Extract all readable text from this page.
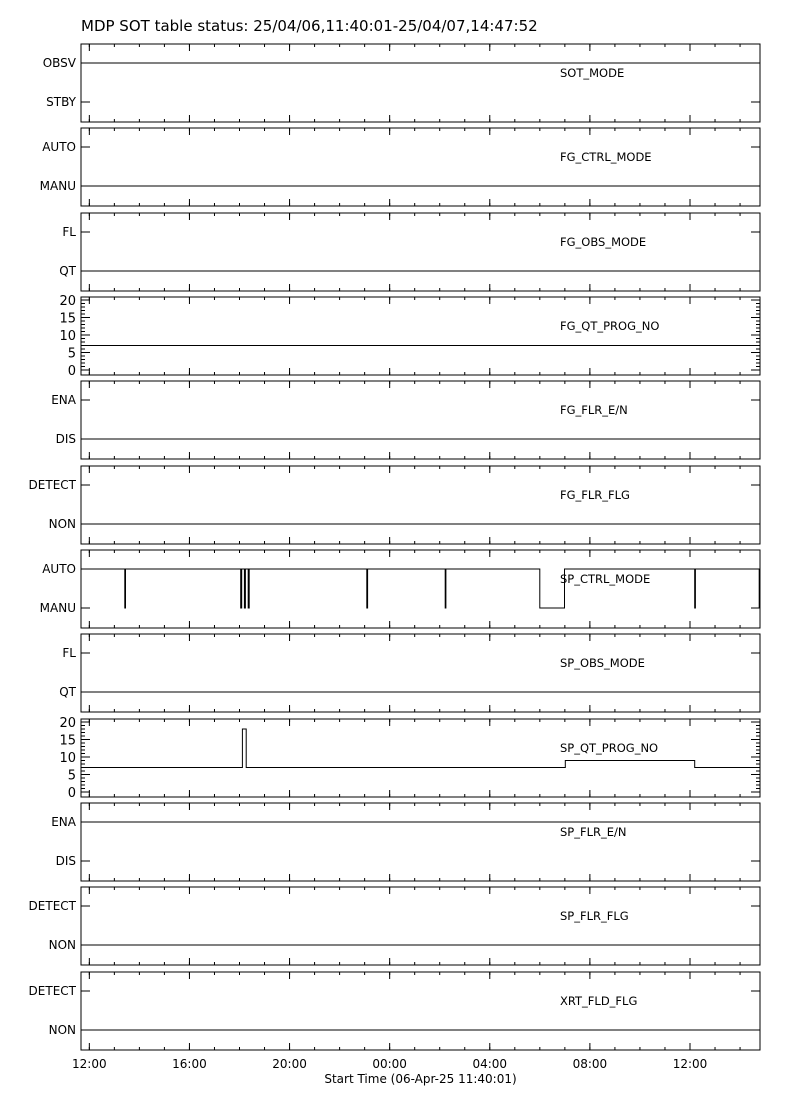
MDP SOT table status: 25/04/06,11:40:01-25/04/07,14:47:52
OBSV
STBY
SOT_MODE
AUTO
MANU
FG_CTRL_MODE
FL
QT
FG_OBS_MODE
0
5
10
15
20
FG_QT_PROG_NO
ENA
DIS
FG_FLR_E/N
DETECT
NON
FG_FLR_FLG
AUTO
MANU
SP_CTRL_MODE
FL
QT
SP_OBS_MODE
0
5
10
15
20
SP_QT_PROG_NO
ENA
DIS
SP_FLR_E/N
DETECT
NON
SP_FLR_FLG
DETECT
NON
XRT_FLD_FLG
12:00	16:00	20:00	00:00	04:00	08:00	12:00
Start Time (06-Apr-25 11:40:01)
